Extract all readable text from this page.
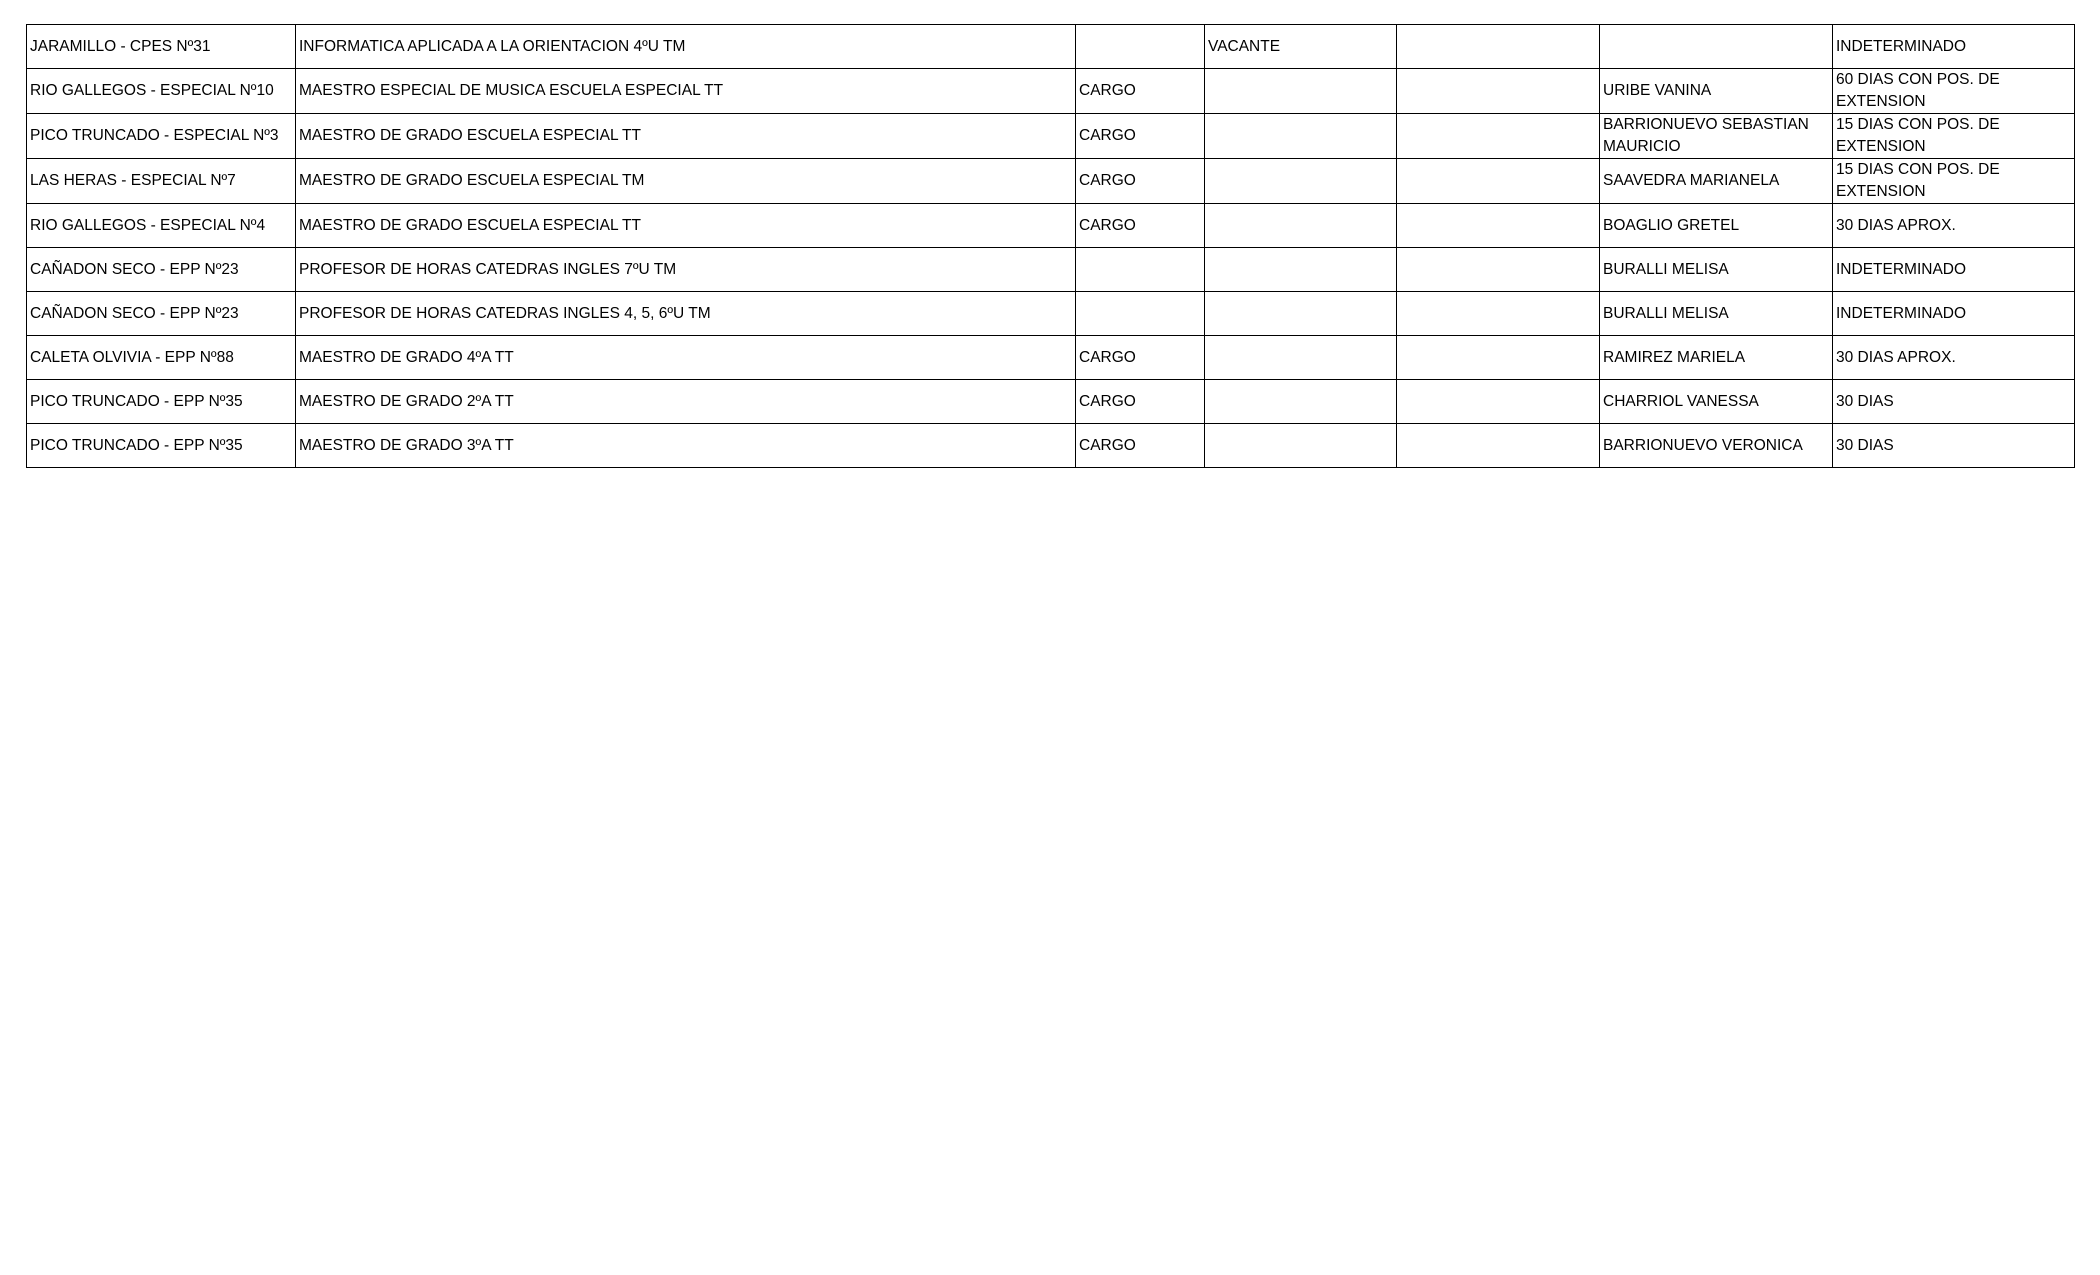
JARAMILLO - CPES Nº31	INFORMATICA APLICADA A LA ORIENTACION 4ºU TM		VACANTE			INDETERMINADO
RIO GALLEGOS - ESPECIAL Nº10	MAESTRO ESPECIAL DE MUSICA ESCUELA ESPECIAL TT	CARGO			URIBE VANINA	60 DIAS CON POS. DE EXTENSION
PICO TRUNCADO - ESPECIAL Nº3	MAESTRO DE GRADO ESCUELA ESPECIAL TT	CARGO			BARRIONUEVO SEBASTIAN MAURICIO	15 DIAS CON POS. DE EXTENSION
LAS HERAS - ESPECIAL Nº7	MAESTRO DE GRADO ESCUELA ESPECIAL TM	CARGO			SAAVEDRA MARIANELA	15 DIAS CON POS. DE EXTENSION
RIO GALLEGOS - ESPECIAL Nº4	MAESTRO DE GRADO ESCUELA ESPECIAL TT	CARGO			BOAGLIO GRETEL	30 DIAS APROX.
CAÑADON SECO - EPP Nº23	PROFESOR DE HORAS CATEDRAS INGLES 7ºU TM				BURALLI MELISA	INDETERMINADO
CAÑADON SECO - EPP Nº23	PROFESOR DE HORAS CATEDRAS INGLES 4, 5, 6ºU TM				BURALLI MELISA	INDETERMINADO
CALETA OLVIVIA - EPP Nº88	MAESTRO DE GRADO 4ºA TT	CARGO			RAMIREZ MARIELA	30 DIAS APROX.
PICO TRUNCADO - EPP Nº35	MAESTRO DE GRADO 2ºA TT	CARGO			CHARRIOL VANESSA	30 DIAS
PICO TRUNCADO - EPP Nº35	MAESTRO DE GRADO 3ºA TT	CARGO			BARRIONUEVO VERONICA	30 DIAS
